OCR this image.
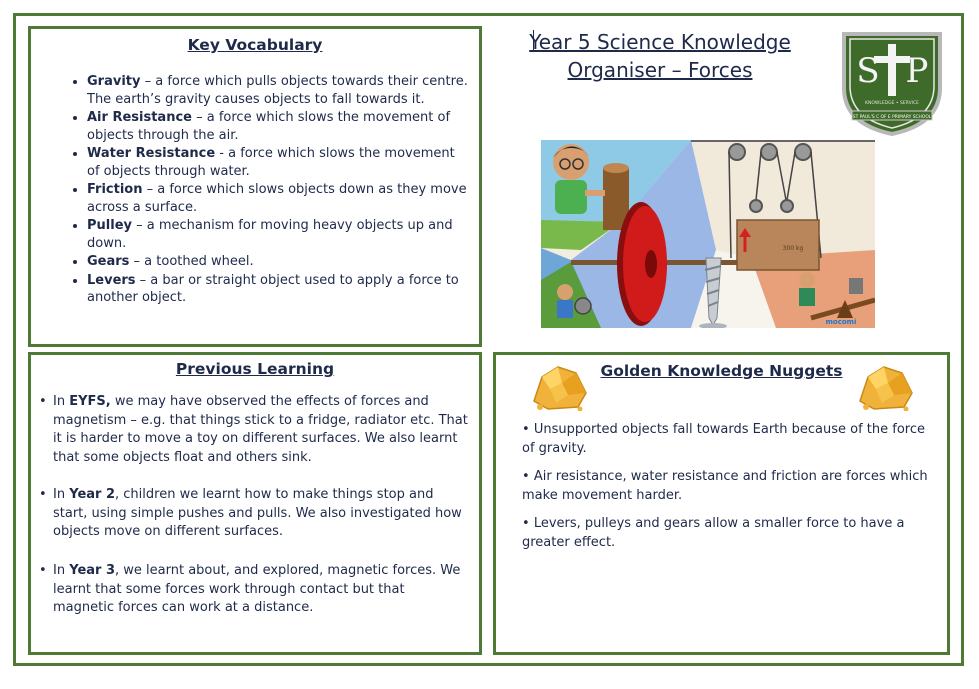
Key Vocabulary
• Gravity – a force which pulls objects towards their centre. The earth’s gravity causes objects to fall towards it.
• Air Resistance – a force which slows the movement of objects through the air.
• Water Resistance - a force which slows the movement of objects through water.
• Friction – a force which slows objects down as they move across a surface.
• Pulley – a mechanism for moving heavy objects up and down.
• Gears – a toothed wheel.
• Levers – a bar or straight object used to apply a force to another object.
Year 5 Science Knowledge
Organiser – Forces	S P
KNOWLEDGE • SERVICE
ST PAUL'S C OF E PRIMARY SCHOOL
300 kg
mocomi
Previous Learning
• In EYFS, we may have observed the effects of forces and magnetism – e.g. that things stick to a fridge, radiator etc. That it is harder to move a toy on different surfaces. We also learnt that some objects float and others sink.
• In Year 2, children we learnt how to make things stop and start, using simple pushes and pulls. We also investigated how objects move on different surfaces.
• In Year 3, we learnt about, and explored, magnetic forces. We learnt that some forces work through contact but that magnetic forces can work at a distance.
Golden Knowledge Nuggets
• Unsupported objects fall towards Earth because of the force of gravity.
• Air resistance, water resistance and friction are forces which make movement harder.
• Levers, pulleys and gears allow a smaller force to have a greater effect.
